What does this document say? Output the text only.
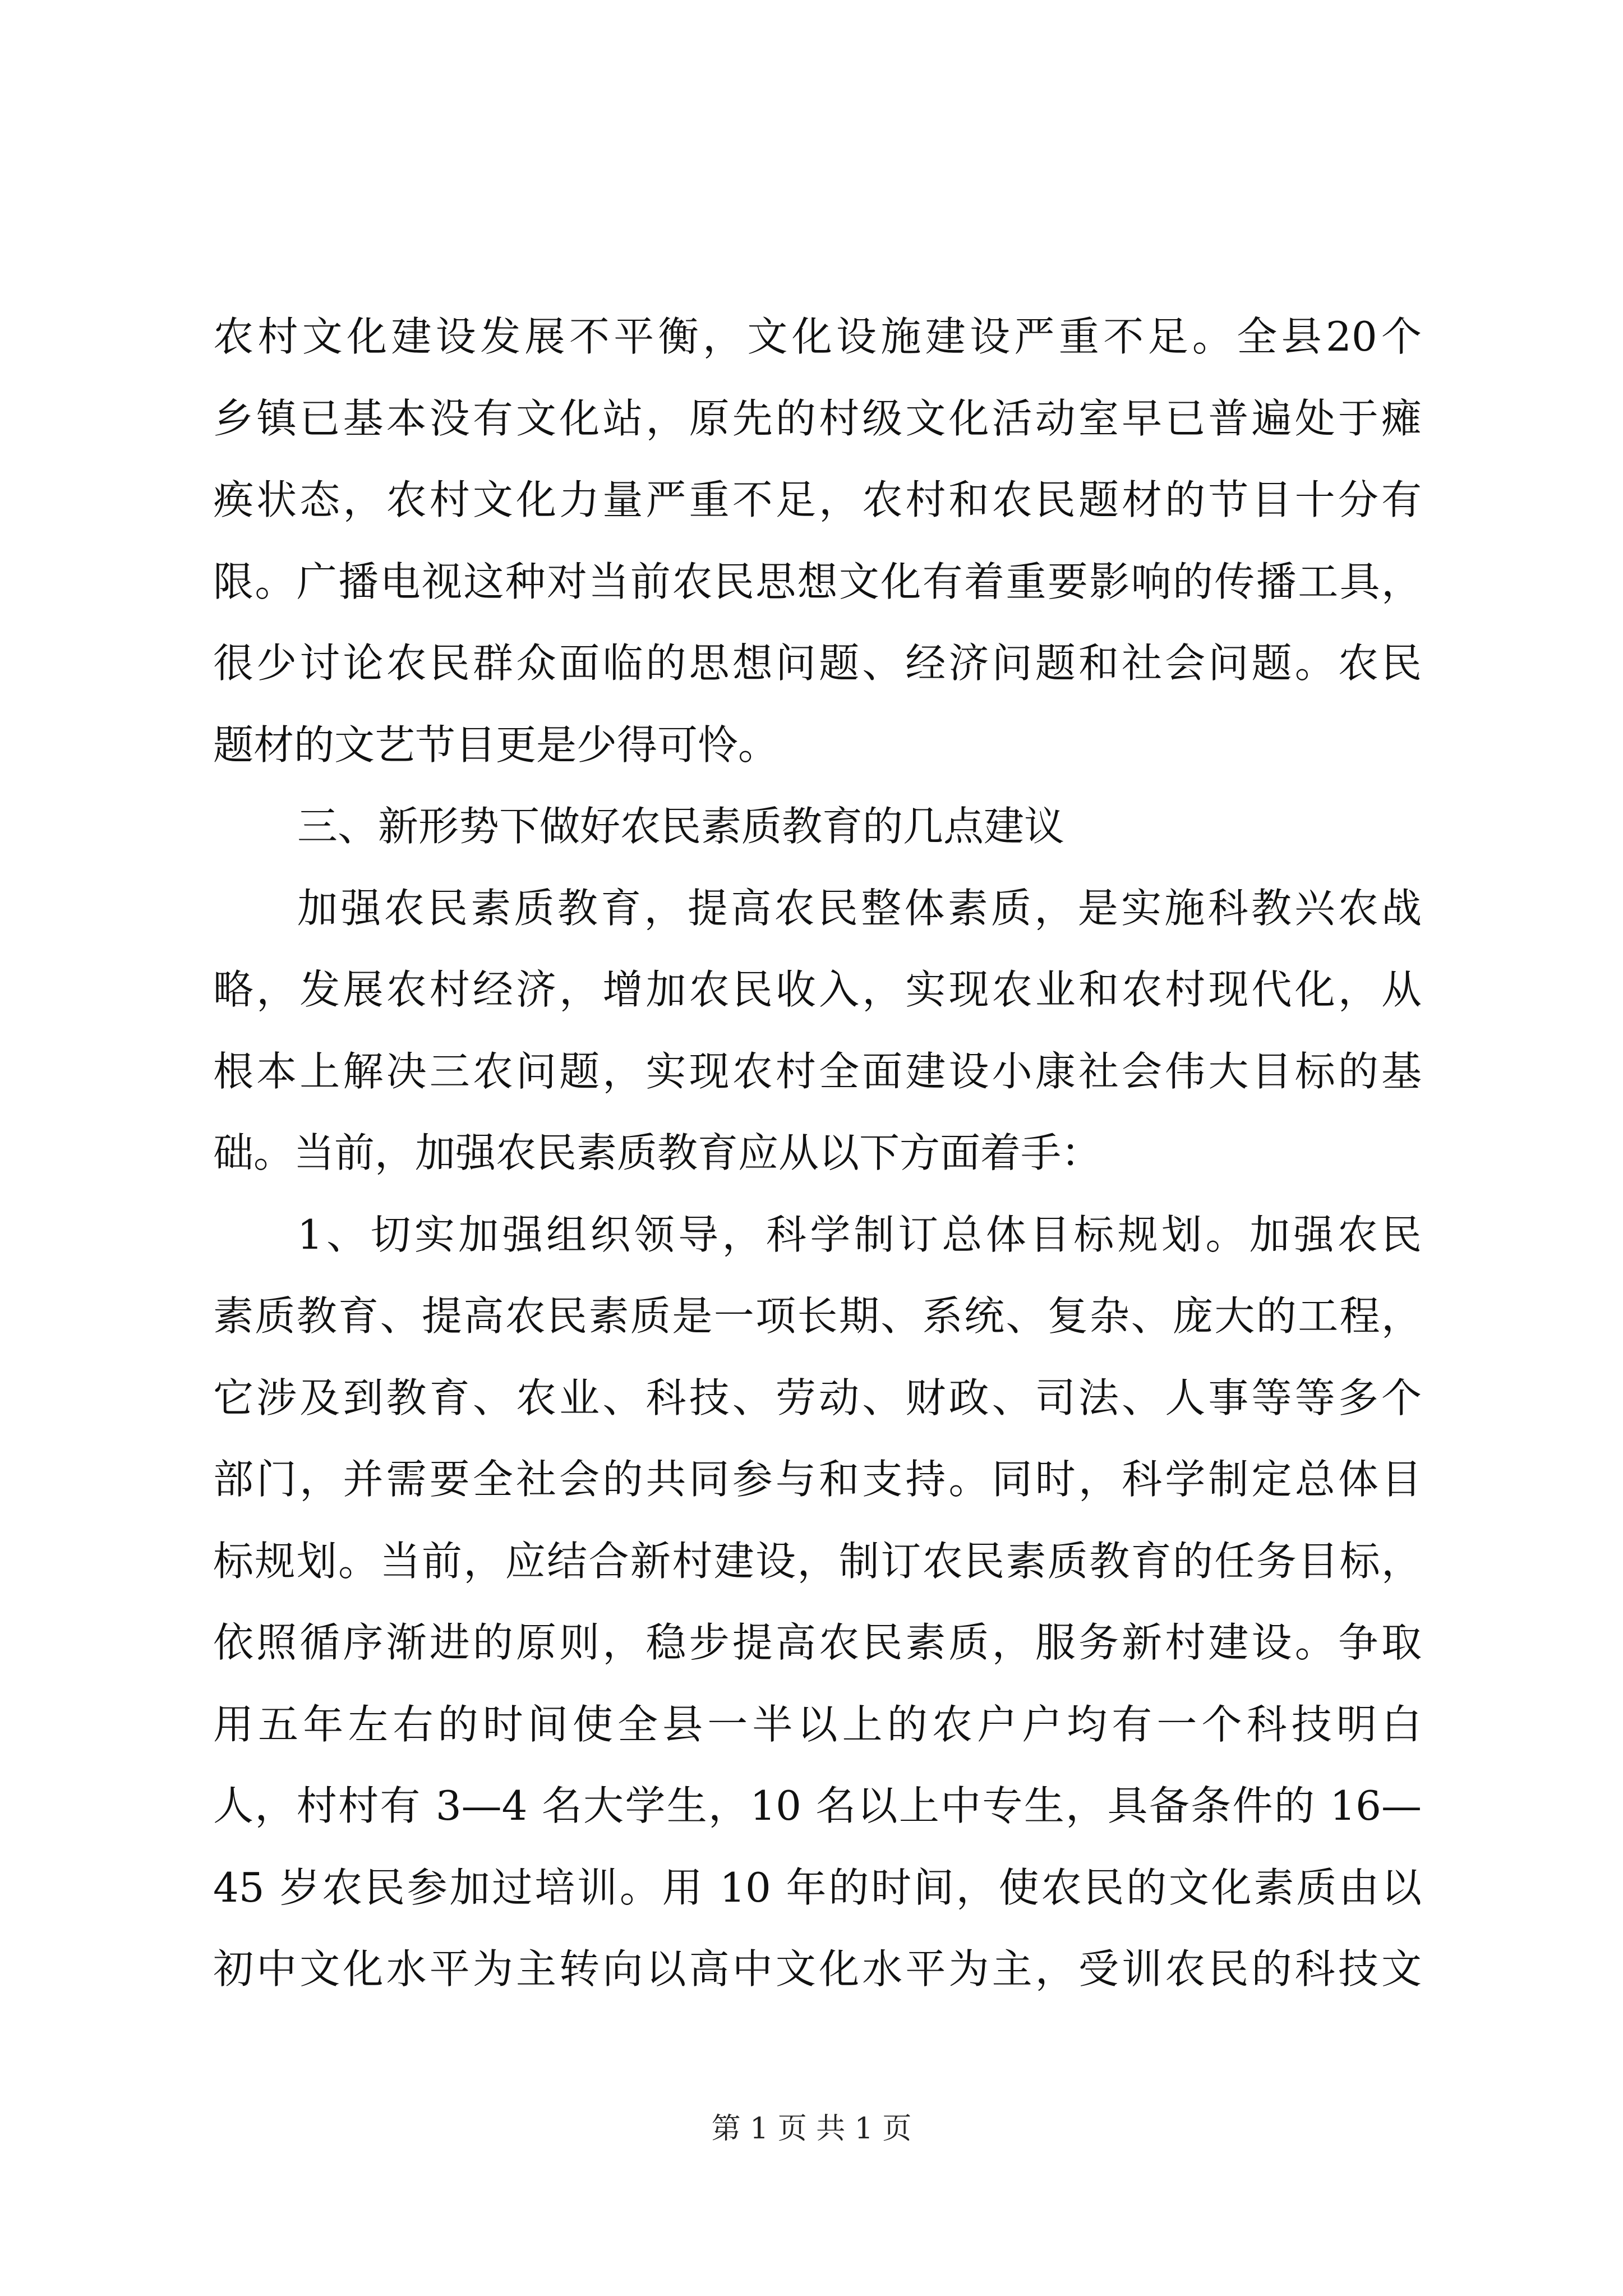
农村文化建设发展不平衡，文化设施建设严重不足。全县20个
乡镇已基本没有文化站，原先的村级文化活动室早已普遍处于瘫
痪状态，农村文化力量严重不足，农村和农民题材的节目十分有
限。广播电视这种对当前农民思想文化有着重要影响的传播工具，
很少讨论农民群众面临的思想问题、经济问题和社会问题。农民
题材的文艺节目更是少得可怜。
三、新形势下做好农民素质教育的几点建议
加强农民素质教育，提高农民整体素质，是实施科教兴农战
略，发展农村经济，增加农民收入，实现农业和农村现代化，从
根本上解决三农问题，实现农村全面建设小康社会伟大目标的基
础。当前，加强农民素质教育应从以下方面着手：
1、切实加强组织领导，科学制订总体目标规划。加强农民
素质教育、提高农民素质是一项长期、系统、复杂、庞大的工程，
它涉及到教育、农业、科技、劳动、财政、司法、人事等等多个
部门，并需要全社会的共同参与和支持。同时，科学制定总体目
标规划。当前，应结合新村建设，制订农民素质教育的任务目标，
依照循序渐进的原则，稳步提高农民素质，服务新村建设。争取
用五年左右的时间使全县一半以上的农户户均有一个科技明白
人，村村有 3—4 名大学生，10 名以上中专生，具备条件的 16—
45 岁农民参加过培训。用 10 年的时间，使农民的文化素质由以
初中文化水平为主转向以高中文化水平为主，受训农民的科技文
第 1 页 共 1 页
